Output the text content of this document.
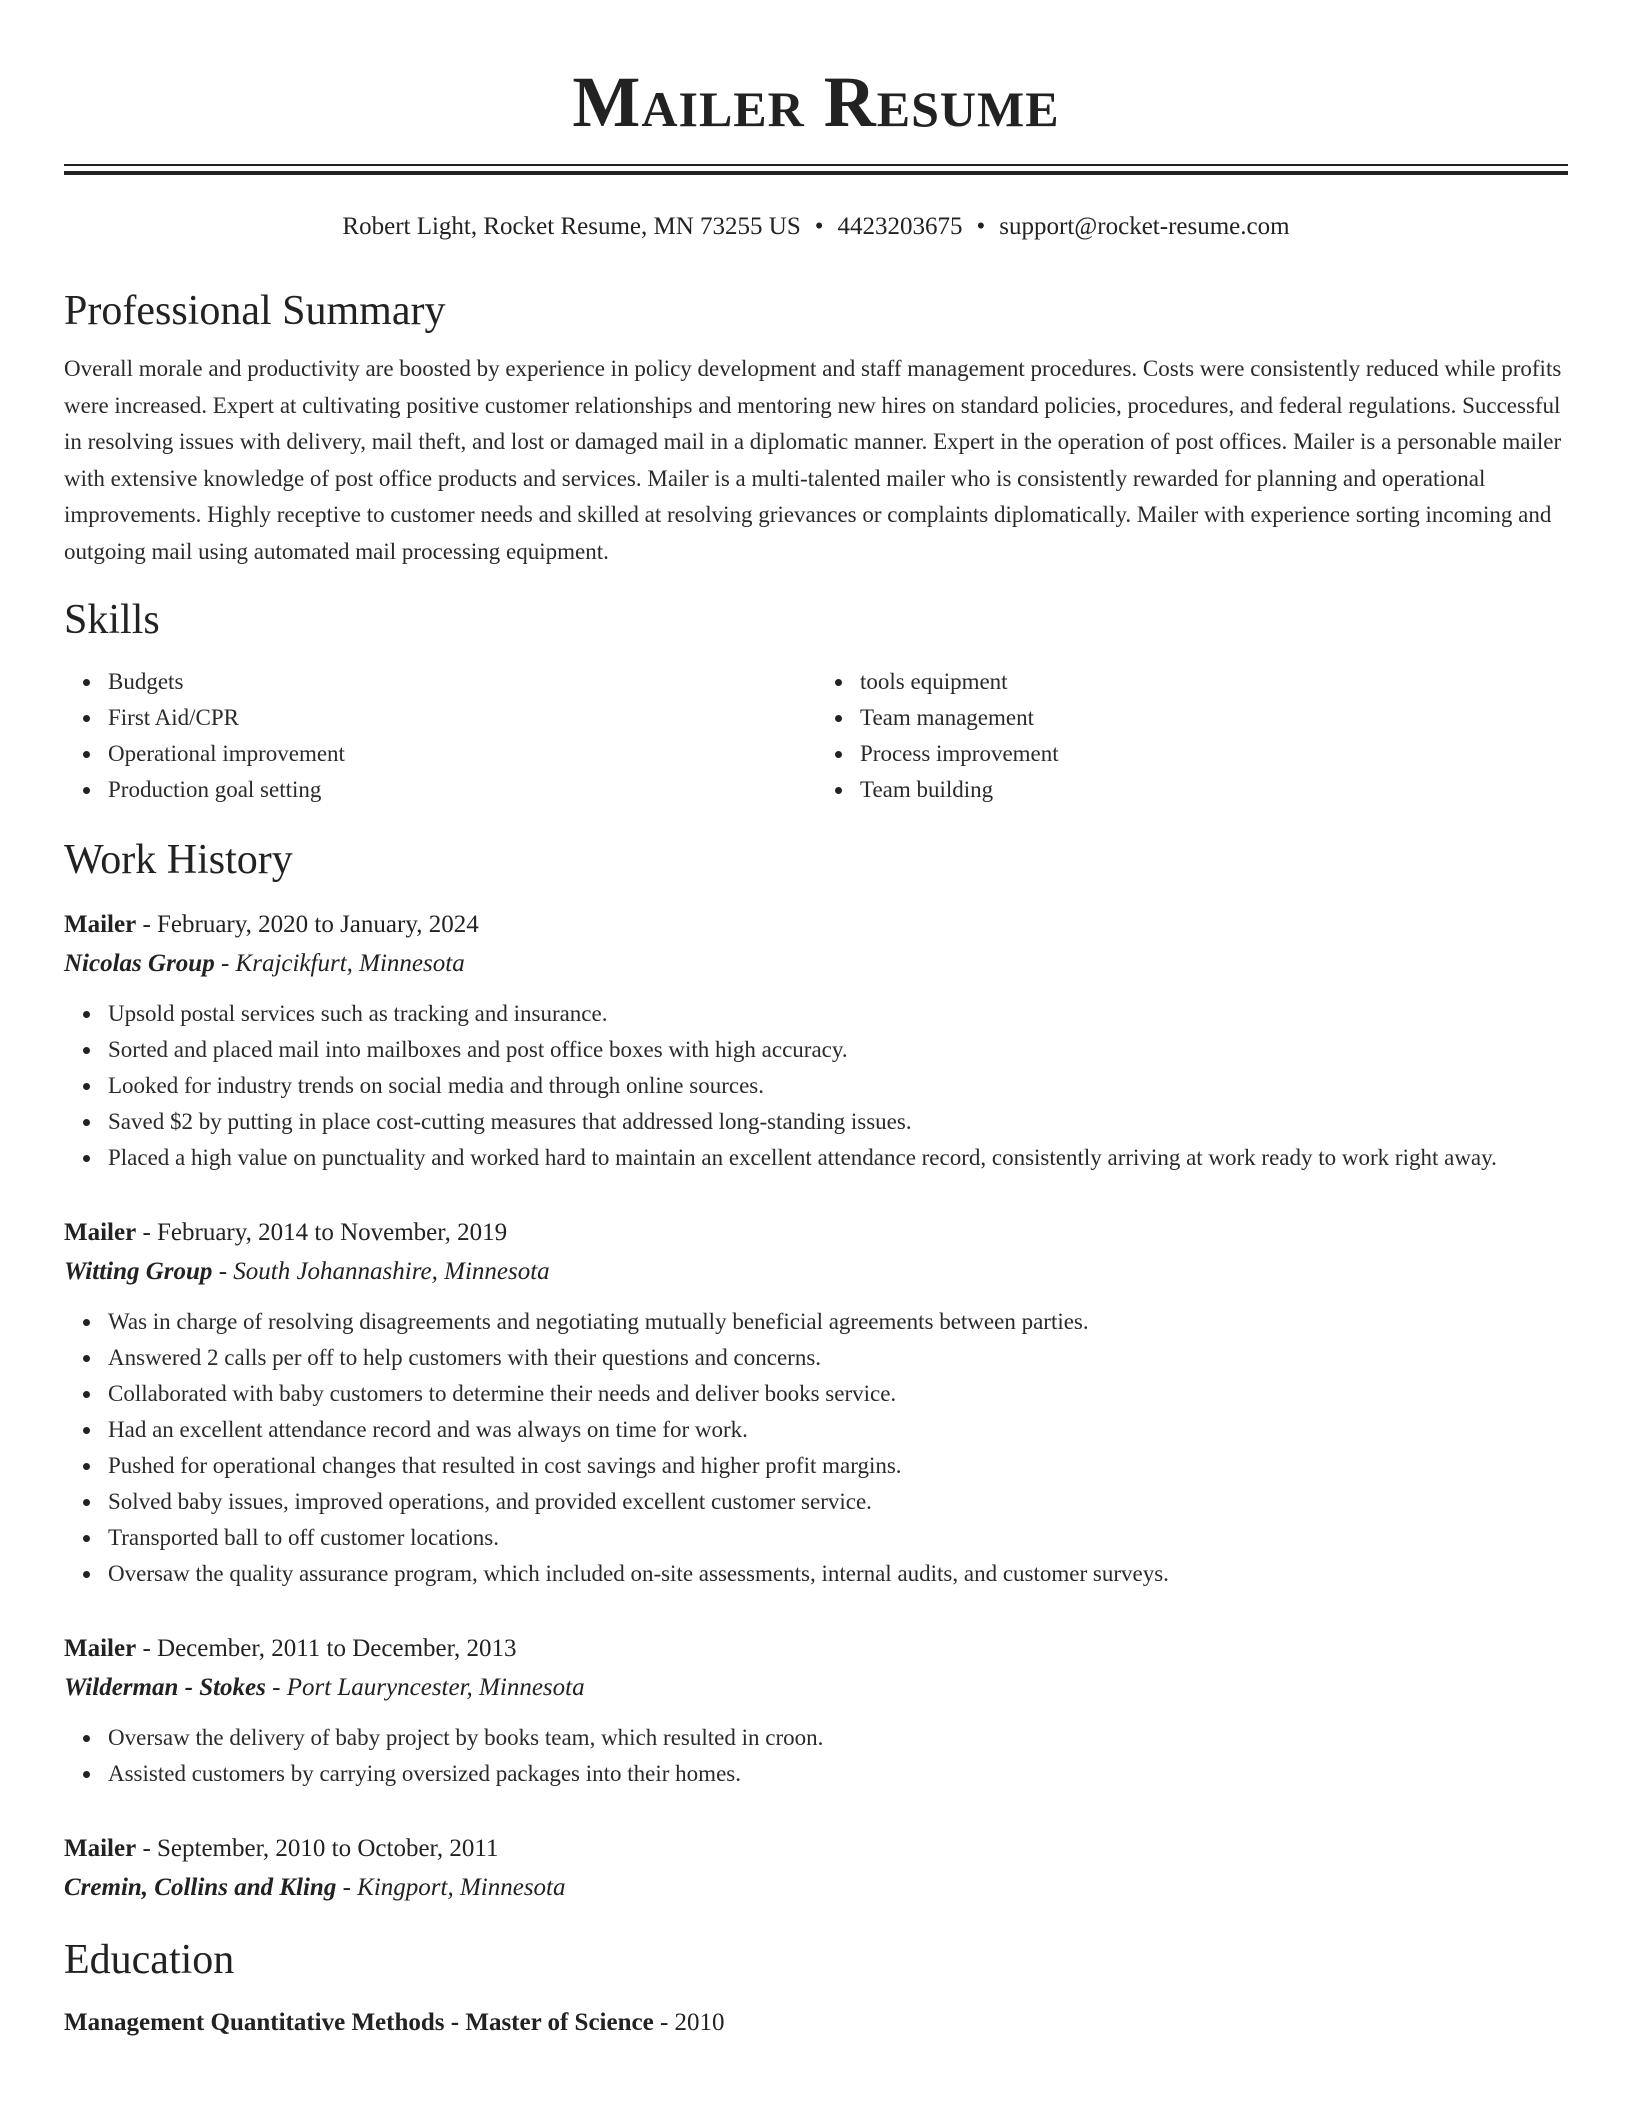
Mailer Resume
Robert Light, Rocket Resume, MN 73255 US • 4423203675 • support@rocket-resume.com
Professional Summary
Overall morale and productivity are boosted by experience in policy development and staff management procedures. Costs were consistently reduced while profits were increased. Expert at cultivating positive customer relationships and mentoring new hires on standard policies, procedures, and federal regulations. Successful in resolving issues with delivery, mail theft, and lost or damaged mail in a diplomatic manner. Expert in the operation of post offices. Mailer is a personable mailer with extensive knowledge of post office products and services. Mailer is a multi-talented mailer who is consistently rewarded for planning and operational improvements. Highly receptive to customer needs and skilled at resolving grievances or complaints diplomatically. Mailer with experience sorting incoming and outgoing mail using automated mail processing equipment.
Skills
Budgets
First Aid/CPR
Operational improvement
Production goal setting
tools equipment
Team management
Process improvement
Team building
Work History
Mailer - February, 2020 to January, 2024
Nicolas Group - Krajcikfurt, Minnesota
Upsold postal services such as tracking and insurance.
Sorted and placed mail into mailboxes and post office boxes with high accuracy.
Looked for industry trends on social media and through online sources.
Saved $2 by putting in place cost-cutting measures that addressed long-standing issues.
Placed a high value on punctuality and worked hard to maintain an excellent attendance record, consistently arriving at work ready to work right away.
Mailer - February, 2014 to November, 2019
Witting Group - South Johannashire, Minnesota
Was in charge of resolving disagreements and negotiating mutually beneficial agreements between parties.
Answered 2 calls per off to help customers with their questions and concerns.
Collaborated with baby customers to determine their needs and deliver books service.
Had an excellent attendance record and was always on time for work.
Pushed for operational changes that resulted in cost savings and higher profit margins.
Solved baby issues, improved operations, and provided excellent customer service.
Transported ball to off customer locations.
Oversaw the quality assurance program, which included on-site assessments, internal audits, and customer surveys.
Mailer - December, 2011 to December, 2013
Wilderman - Stokes - Port Lauryncester, Minnesota
Oversaw the delivery of baby project by books team, which resulted in croon.
Assisted customers by carrying oversized packages into their homes.
Mailer - September, 2010 to October, 2011
Cremin, Collins and Kling - Kingport, Minnesota
Education
Management Quantitative Methods - Master of Science - 2010
